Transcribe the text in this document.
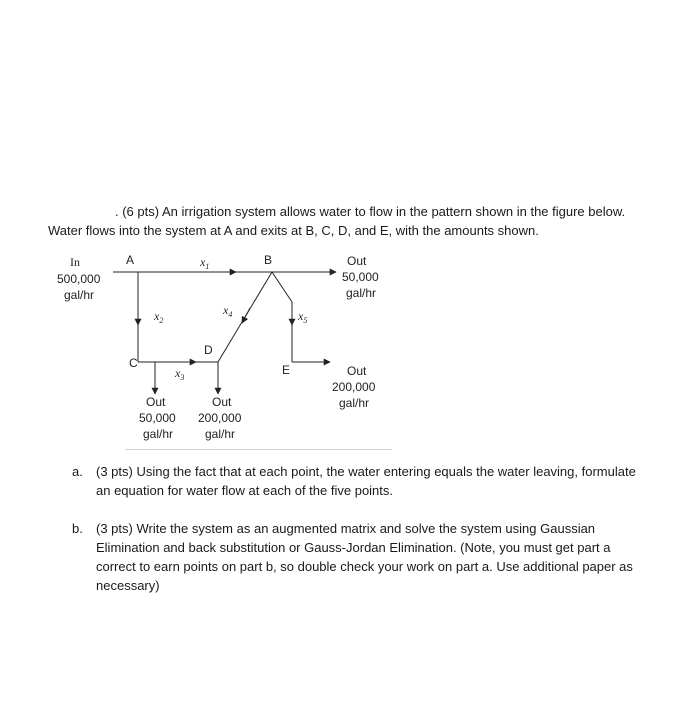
. (6 pts) An irrigation system allows water to flow in the pattern shown in the figure below.
Water flows into the system at A and exits at B, C, D, and E, with the amounts shown.
In
500,000
gal/hr
A	B
C
D
E
$x_1$
$x_2$
$x_3$
$x_4$	$x_5$
Out
50,000
gal/hr
Out
200,000
gal/hr
Out
50,000
gal/hr
Out
200,000
gal/hr
a. (3 pts) Using the fact that at each point, the water entering equals the water leaving, formulate
an equation for water flow at each of the five points.
b. (3 pts) Write the system as an augmented matrix and solve the system using Gaussian
Elimination and back substitution or Gauss-Jordan Elimination. (Note, you must get part a
correct to earn points on part b, so double check your work on part a. Use additional paper as
necessary)
